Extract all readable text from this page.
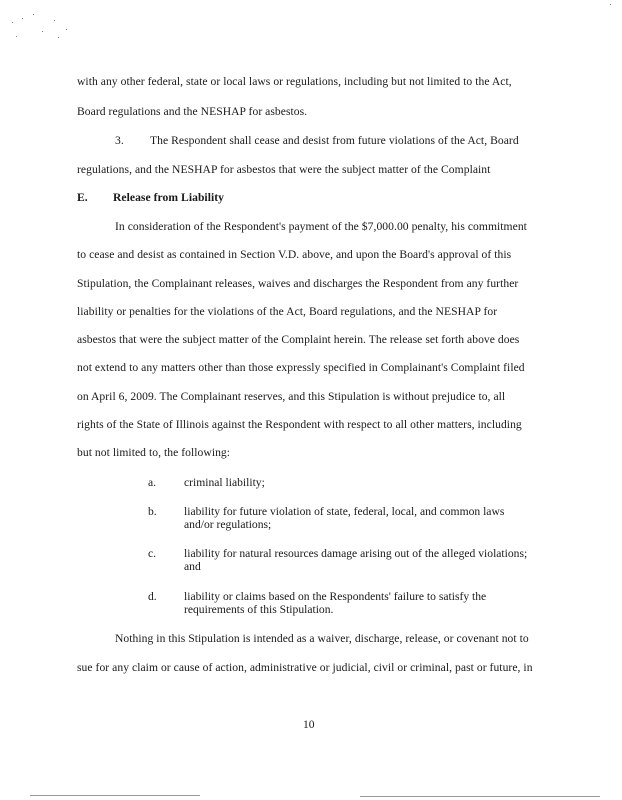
with any other federal, state or local laws or regulations, including but not limited to the Act,
Board regulations and the NESHAP for asbestos.
3. The Respondent shall cease and desist from future violations of the Act, Board
regulations, and the NESHAP for asbestos that were the subject matter of the Complaint
E. Release from Liability
In consideration of the Respondent's payment of the $7,000.00 penalty, his commitment
to cease and desist as contained in Section V.D. above, and upon the Board's approval of this
Stipulation, the Complainant releases, waives and discharges the Respondent from any further
liability or penalties for the violations of the Act, Board regulations, and the NESHAP for
asbestos that were the subject matter of the Complaint herein. The release set forth above does
not extend to any matters other than those expressly specified in Complainant's Complaint filed
on April 6, 2009. The Complainant reserves, and this Stipulation is without prejudice to, all
rights of the State of Illinois against the Respondent with respect to all other matters, including
but not limited to, the following:
a. criminal liability;
b. liability for future violation of state, federal, local, and common laws
and/or regulations;
c. liability for natural resources damage arising out of the alleged violations;
and
d. liability or claims based on the Respondents' failure to satisfy the
requirements of this Stipulation.
Nothing in this Stipulation is intended as a waiver, discharge, release, or covenant not to
sue for any claim or cause of action, administrative or judicial, civil or criminal, past or future, in
10
